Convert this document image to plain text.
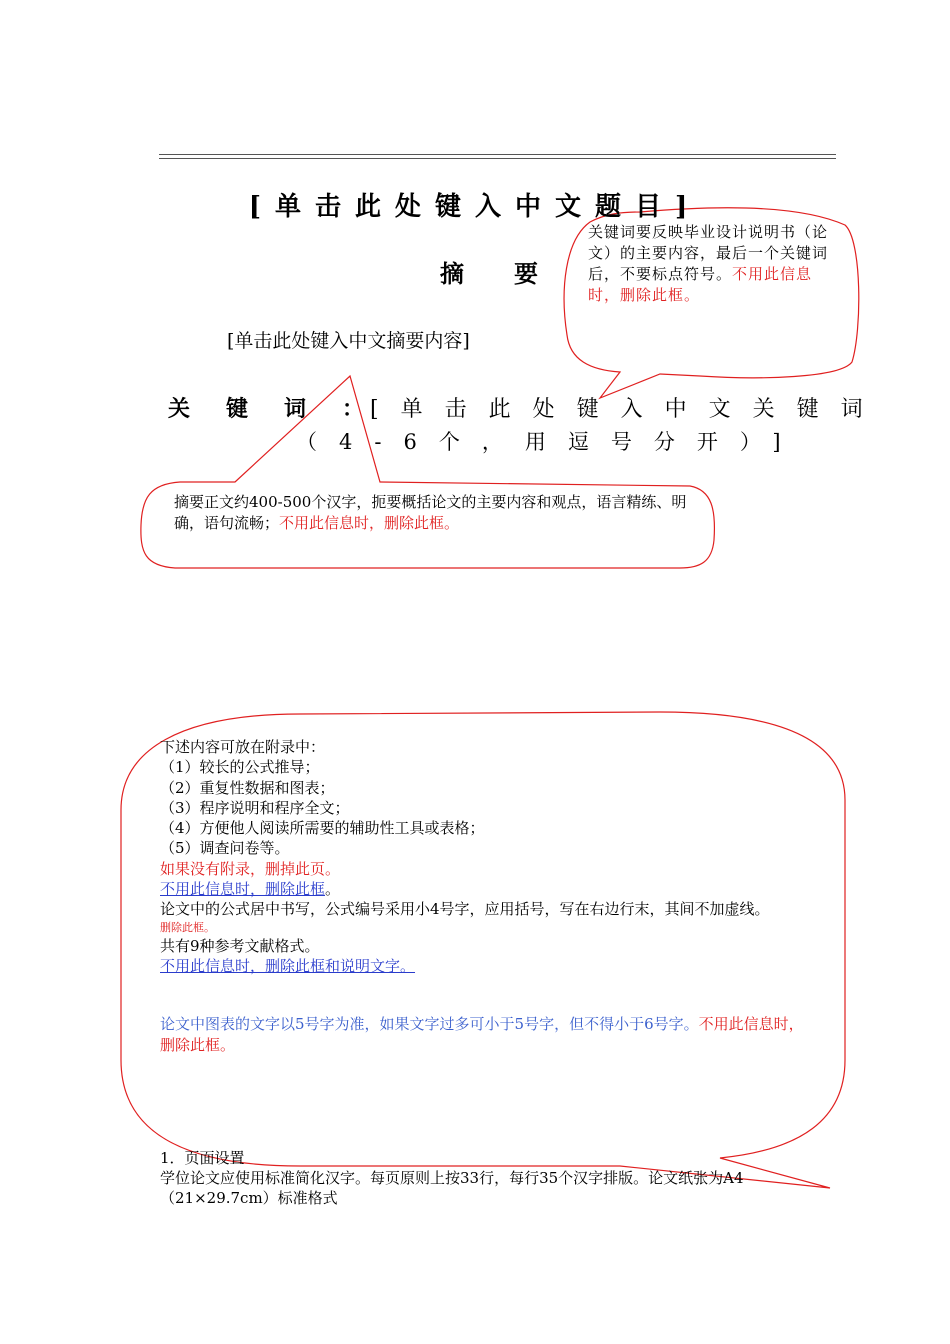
[单击此处键入中文题目]
摘要
[单击此处键入中文摘要内容]
关键词：
[单击此处键入中文关键词
（4-6个，用逗号分开）]
关键词要反映毕业设计说明书（论文）的主要内容，最后一个关键词后，不要标点符号。不用此信息时，删除此框。
摘要正文约400-500个汉字，扼要概括论文的主要内容和观点，语言精练、明确，语句流畅；不用此信息时，删除此框。
下述内容可放在附录中：
（1）较长的公式推导；
（2）重复性数据和图表；
（3）程序说明和程序全文；
（4）方便他人阅读所需要的辅助性工具或表格；
（5）调查问卷等。
如果没有附录，删掉此页。
不用此信息时，删除此框。
论文中的公式居中书写，公式编号采用小4号字，应用括号，写在右边行末，其间不加虚线。
删除此框。
共有9种参考文献格式。
不用此信息时，删除此框和说明文字。
论文中图表的文字以5号字为准，如果文字过多可小于5号字，但不得小于6号字。不用此信息时，删除此框。
1．页面设置
学位论文应使用标准简化汉字。每页原则上按33行，每行35个汉字排版。论文纸张为A4（21×29.7cm）标准格式
